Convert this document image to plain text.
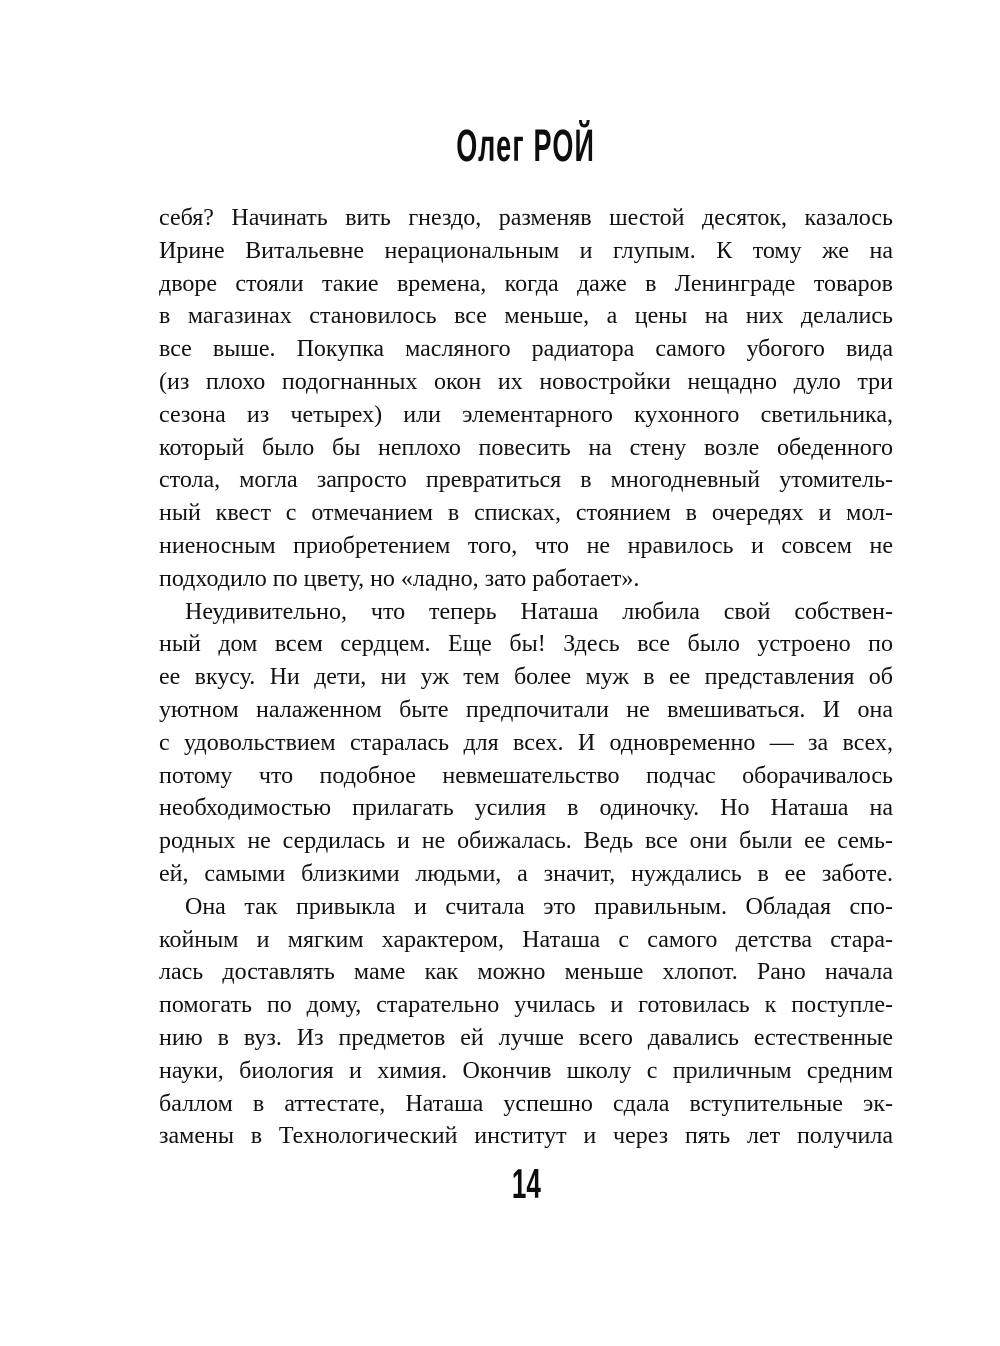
Олег РОЙ
себя? Начинать вить гнездо, разменяв шестой десяток, казалось
Ирине Витальевне нерациональным и глупым. К тому же на
дворе стояли такие времена, когда даже в Ленинграде товаров
в магазинах становилось все меньше, а цены на них делались
все выше. Покупка масляного радиатора самого убогого вида
(из плохо подогнанных окон их новостройки нещадно дуло три
сезона из четырех) или элементарного кухонного светильника,
который было бы неплохо повесить на стену возле обеденного
стола, могла запросто превратиться в многодневный утомитель-
ный квест с отмечанием в списках, стоянием в очередях и мол-
ниеносным приобретением того, что не нравилось и совсем не
подходило по цвету, но «ладно, зато работает».
Неудивительно, что теперь Наташа любила свой собствен-
ный дом всем сердцем. Еще бы! Здесь все было устроено по
ее вкусу. Ни дети, ни уж тем более муж в ее представления об
уютном налаженном быте предпочитали не вмешиваться. И она
с удовольствием старалась для всех. И одновременно — за всех,
потому что подобное невмешательство подчас оборачивалось
необходимостью прилагать усилия в одиночку. Но Наташа на
родных не сердилась и не обижалась. Ведь все они были ее семь-
ей, самыми близкими людьми, а значит, нуждались в ее заботе.
Она так привыкла и считала это правильным. Обладая спо-
койным и мягким характером, Наташа с самого детства стара-
лась доставлять маме как можно меньше хлопот. Рано начала
помогать по дому, старательно училась и готовилась к поступле-
нию в вуз. Из предметов ей лучше всего давались естественные
науки, биология и химия. Окончив школу с приличным средним
баллом в аттестате, Наташа успешно сдала вступительные эк-
замены в Технологический институт и через пять лет получила
14
